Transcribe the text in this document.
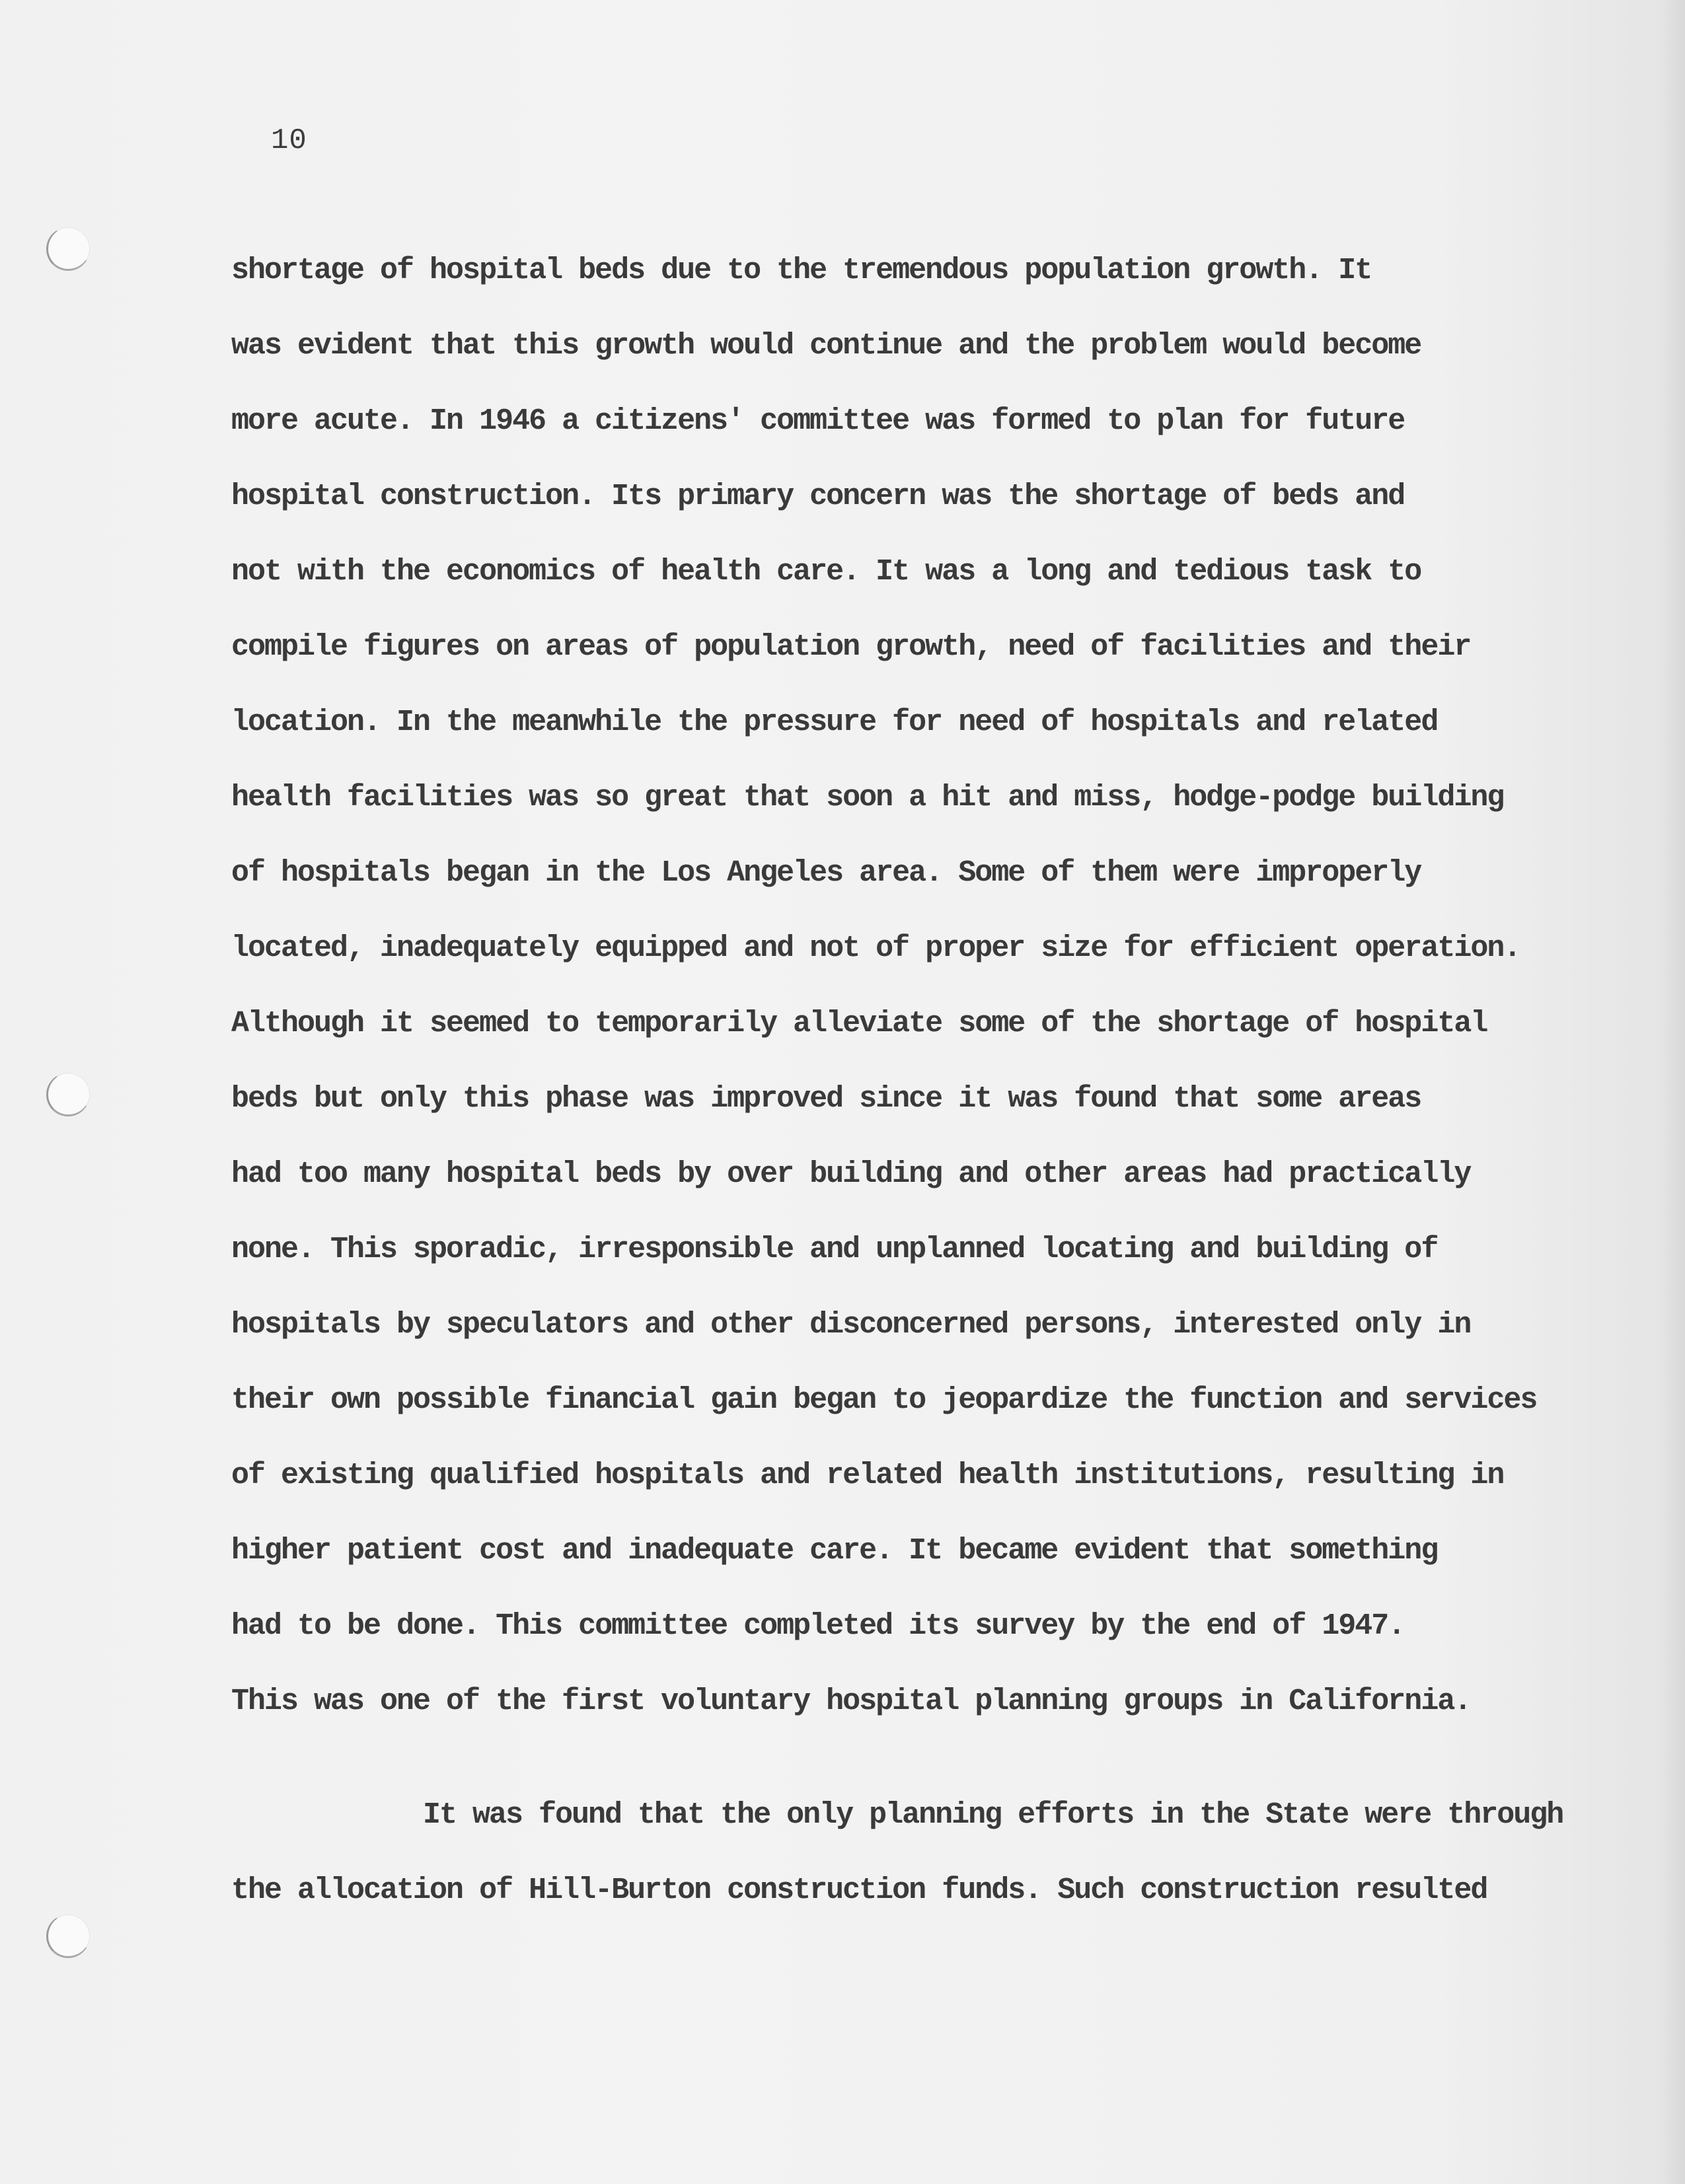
10
shortage of hospital beds due to the tremendous population growth. It
was evident that this growth would continue and the problem would become
more acute. In 1946 a citizens' committee was formed to plan for future
hospital construction. Its primary concern was the shortage of beds and
not with the economics of health care. It was a long and tedious task to
compile figures on areas of population growth, need of facilities and their
location. In the meanwhile the pressure for need of hospitals and related
health facilities was so great that soon a hit and miss, hodge-podge building
of hospitals began in the Los Angeles area. Some of them were improperly
located, inadequately equipped and not of proper size for efficient operation.
Although it seemed to temporarily alleviate some of the shortage of hospital
beds but only this phase was improved since it was found that some areas
had too many hospital beds by over building and other areas had practically
none. This sporadic, irresponsible and unplanned locating and building of
hospitals by speculators and other disconcerned persons, interested only in
their own possible financial gain began to jeopardize the function and services
of existing qualified hospitals and related health institutions, resulting in
higher patient cost and inadequate care. It became evident that something
had to be done. This committee completed its survey by the end of 1947.
This was one of the first voluntary hospital planning groups in California.
It was found that the only planning efforts in the State were through
the allocation of Hill-Burton construction funds. Such construction resulted
